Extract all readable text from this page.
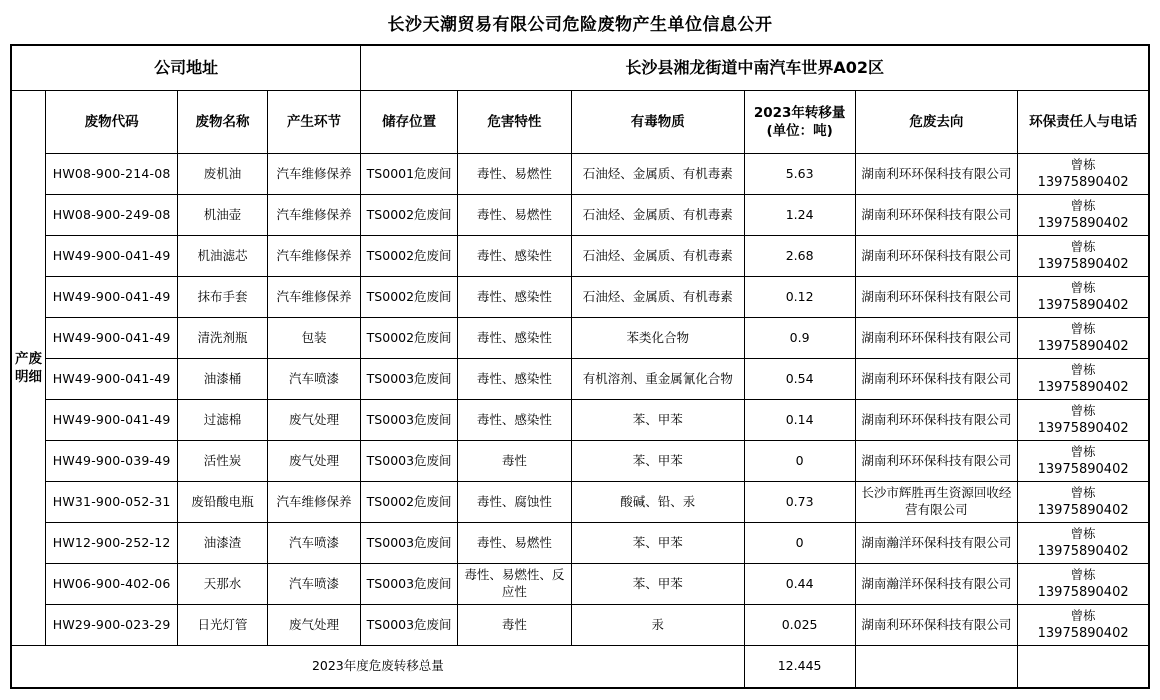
长沙天潮贸易有限公司危险废物产生单位信息公开
公司地址				长沙县湘龙街道中南汽车世界A02区					
产废明细	废物代码	废物名称	产生环节	储存位置	危害特性	有毒物质	2023年转移量
(单位：吨)	危废去向	环保责任人与电话
	HW08-900-214-08	废机油	汽车维修保养	TS0001危废间	毒性、易燃性	石油烃、金属质、有机毒素	5.63	湖南利环环保科技有限公司	曾栋
13975890402

	HW08-900-249-08	机油壶	汽车维修保养	TS0002危废间	毒性、易燃性	石油烃、金属质、有机毒素	1.24	湖南利环环保科技有限公司	曾栋
13975890402

	HW49-900-041-49	机油滤芯	汽车维修保养	TS0002危废间	毒性、感染性	石油烃、金属质、有机毒素	2.68	湖南利环环保科技有限公司	曾栋
13975890402

	HW49-900-041-49	抹布手套	汽车维修保养	TS0002危废间	毒性、感染性	石油烃、金属质、有机毒素	0.12	湖南利环环保科技有限公司	曾栋
13975890402

	HW49-900-041-49	清洗剂瓶	包装	TS0002危废间	毒性、感染性	苯类化合物	0.9	湖南利环环保科技有限公司	曾栋
13975890402

	HW49-900-041-49	油漆桶	汽车喷漆	TS0003危废间	毒性、感染性	有机溶剂、重金属氰化合物	0.54	湖南利环环保科技有限公司	曾栋
13975890402

	HW49-900-041-49	过滤棉	废气处理	TS0003危废间	毒性、感染性	苯、甲苯	0.14	湖南利环环保科技有限公司	曾栋
13975890402

	HW49-900-039-49	活性炭	废气处理	TS0003危废间	毒性	苯、甲苯	0	湖南利环环保科技有限公司	曾栋
13975890402

	HW31-900-052-31	废铅酸电瓶	汽车维修保养	TS0002危废间	毒性、腐蚀性	酸碱、铅、汞	0.73	长沙市辉胜再生资源回收经营有限公司	曾栋
13975890402

	HW12-900-252-12	油漆渣	汽车喷漆	TS0003危废间	毒性、易燃性	苯、甲苯	0	湖南瀚洋环保科技有限公司	曾栋
13975890402

	HW06-900-402-06	天那水	汽车喷漆	TS0003危废间	毒性、易燃性、反应性	苯、甲苯	0.44	湖南瀚洋环保科技有限公司	曾栋
13975890402

	HW29-900-023-29	日光灯管	废气处理	TS0003危废间	毒性	汞	0.025	湖南利环环保科技有限公司	曾栋
13975890402

2023年度危废转移总量							12.445		
